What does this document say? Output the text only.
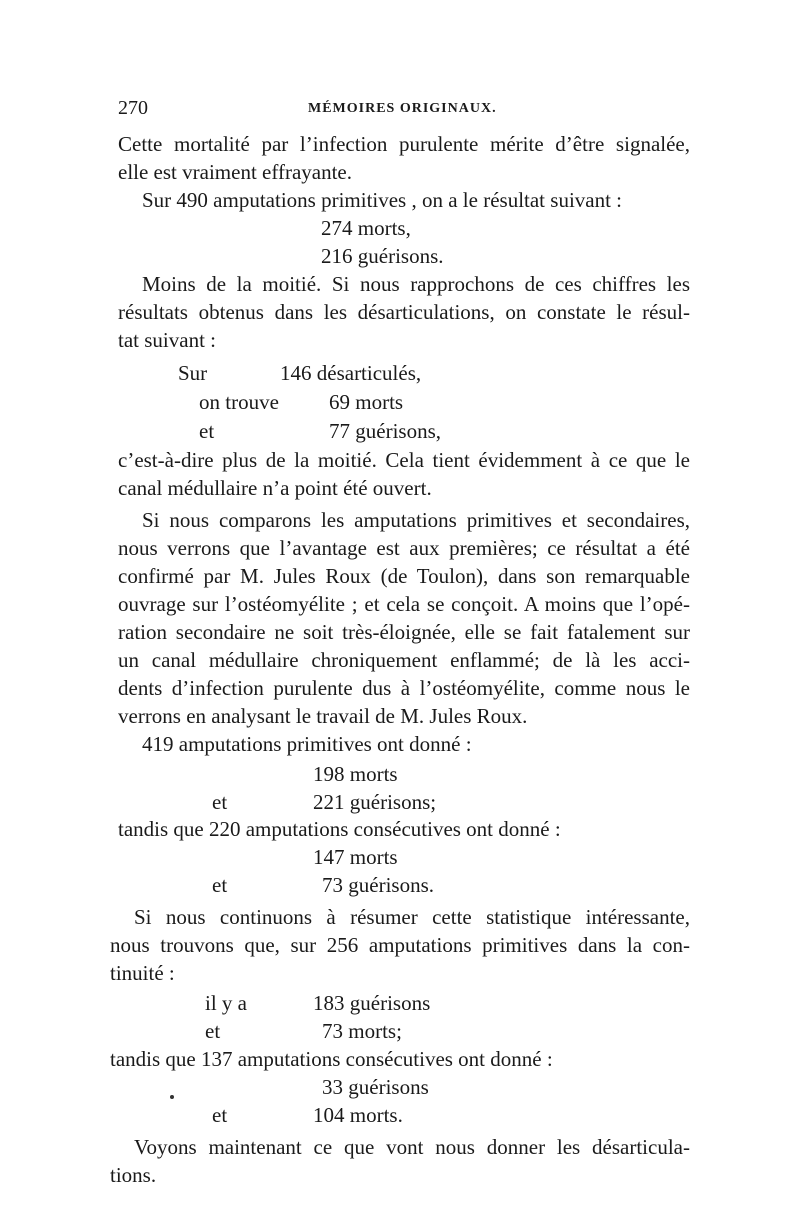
270	MÉMOIRES ORIGINAUX.
Cette mortalité par l’infection purulente mérite d’être signalée,
elle est vraiment effrayante.
Sur 490 amputations primitives , on a le résultat suivant :
274 morts,
216 guérisons.
Moins de la moitié. Si nous rapprochons de ces chiffres les
résultats obtenus dans les désarticulations, on constate le résul-
tat suivant :
Sur	146 désarticulés,
on trouve 69 morts
et	77 guérisons,
c’est-à-dire plus de la moitié. Cela tient évidemment à ce que le
canal médullaire n’a point été ouvert.
Si nous comparons les amputations primitives et secondaires,
nous verrons que l’avantage est aux premières; ce résultat a été
confirmé par M. Jules Roux (de Toulon), dans son remarquable
ouvrage sur l’ostéomyélite ; et cela se conçoit. A moins que l’opé-
ration secondaire ne soit très-éloignée, elle se fait fatalement sur
un canal médullaire chroniquement enflammé; de là les acci-
dents d’infection purulente dus à l’ostéomyélite, comme nous le
verrons en analysant le travail de M. Jules Roux.
419 amputations primitives ont donné :
198 morts
et	221 guérisons;
tandis que 220 amputations consécutives ont donné :
147 morts
et	73 guérisons.
Si nous continuons à résumer cette statistique intéressante,
nous trouvons que, sur 256 amputations primitives dans la con-
tinuité :
il y a	183 guérisons
et	73 morts;
tandis que 137 amputations consécutives ont donné :
33 guérisons
et	104 morts.
Voyons maintenant ce que vont nous donner les désarticula-
tions.
